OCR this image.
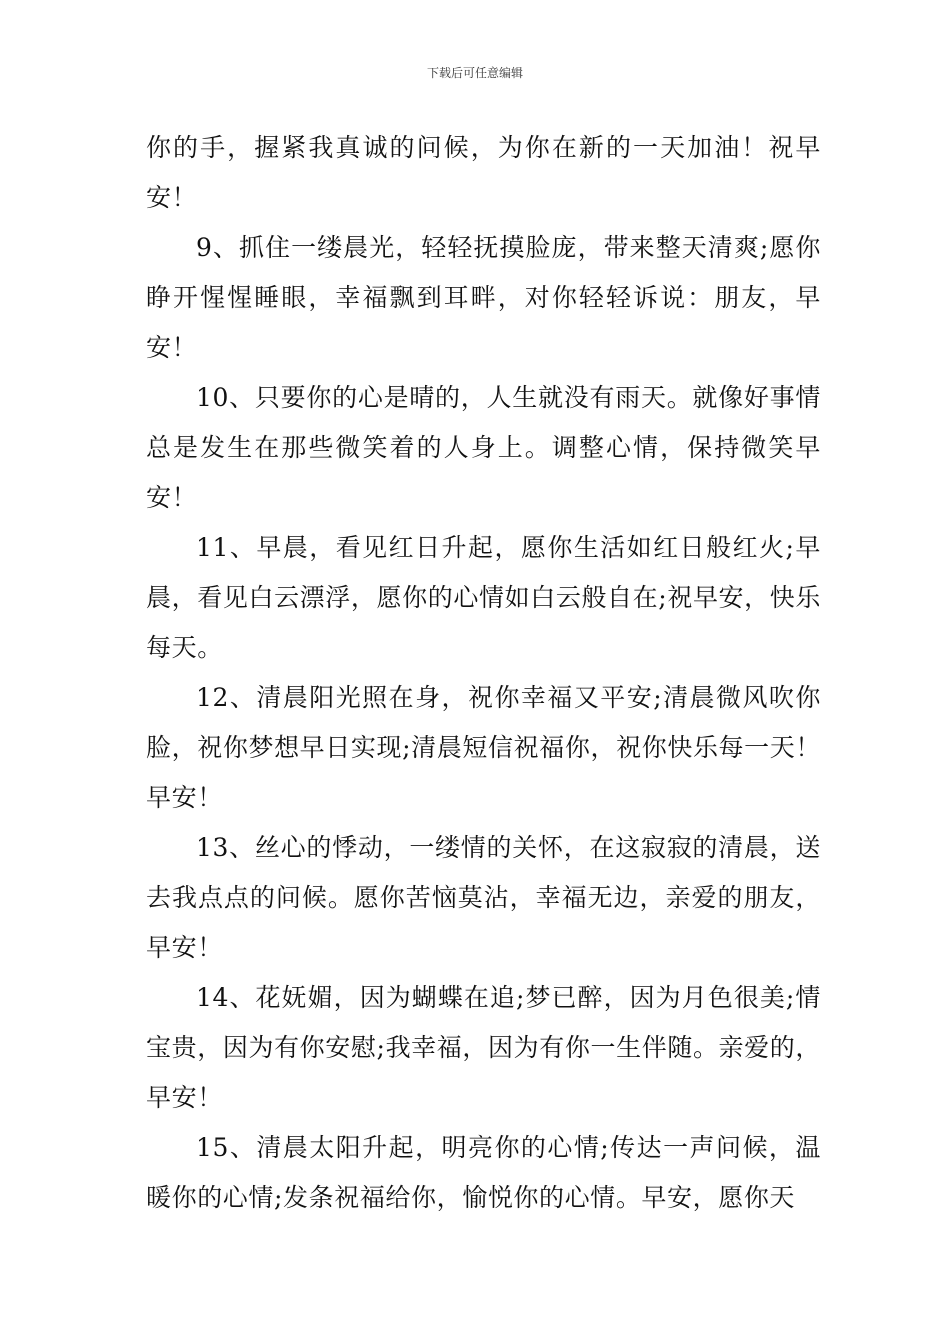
下载后可任意编辑

你的手，握紧我真诚的问候，为你在新的一天加油！祝早安！

9、抓住一缕晨光，轻轻抚摸脸庞，带来整天清爽;愿你睁开惺惺睡眼，幸福飘到耳畔，对你轻轻诉说：朋友，早安！

10、只要你的心是晴的，人生就没有雨天。就像好事情总是发生在那些微笑着的人身上。调整心情，保持微笑早安！

11、早晨，看见红日升起，愿你生活如红日般红火;早晨，看见白云漂浮，愿你的心情如白云般自在;祝早安，快乐每天。

12、清晨阳光照在身，祝你幸福又平安;清晨微风吹你脸，祝你梦想早日实现;清晨短信祝福你，祝你快乐每一天！早安！

13、丝心的悸动，一缕情的关怀，在这寂寂的清晨，送去我点点的问候。愿你苦恼莫沾，幸福无边，亲爱的朋友，早安！

14、花妩媚，因为蝴蝶在追;梦已醉，因为月色很美;情宝贵，因为有你安慰;我幸福，因为有你一生伴随。亲爱的，早安！

15、清晨太阳升起，明亮你的心情;传达一声问候，温暖你的心情;发条祝福给你，愉悦你的心情。早安，愿你天
